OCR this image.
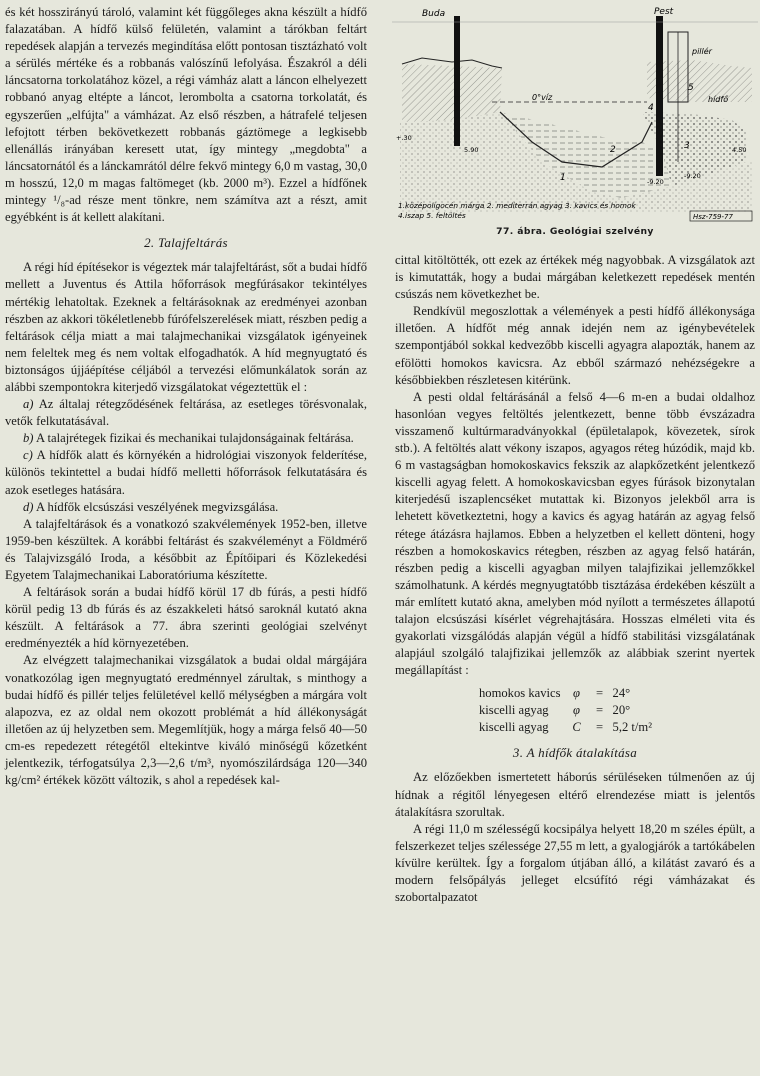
és két hosszirányú tároló, valamint két függőleges akna készült a hídfő falazatában. A hídfő külső felületén, valamint a tárókban feltárt repedések alapján a tervezés megindítása előtt pontosan tisztázható volt a sérülés mértéke és a robbanás valószínű lefolyása. Északról a déli láncsatorna torkolatához közel, a régi vámház alatt a láncon elhelyezett robbanó anyag eltépte a láncot, lerombolta a csatorna torkolatát, és egyszerűen „elfújta" a vámházat. Az első részben, a hátrafelé teljesen lefojtott térben bekövetkezett robbanás gáztömege a legkisebb ellenállás irányában keresett utat, így mintegy „megdobta" a láncsatornától és a lánckamrától délre fekvő mintegy 6,0 m vastag, 30,0 m hosszú, 12,0 m magas faltömeget (kb. 2000 m³). Ezzel a hídfőnek mintegy ¹/₈-ad része ment tönkre, nem számítva azt a részt, amit egyébként is át kellett alakítani.

2. Talajfeltárás

A régi híd építésekor is végeztek már talajfeltárást, sőt a budai hídfő mellett a Juventus és Attila hőforrások megfúrásakor tekintélyes mértékig lehatoltak. Ezeknek a feltárásoknak az eredményei azonban részben az akkori tökéletlenebb fúrófelszerelések miatt, részben pedig a feltárások célja miatt a mai talajmechanikai vizsgálatok igényeinek nem feleltek meg és nem voltak elfogadhatók. A híd megnyugtató és biztonságos újjáépítése céljából a tervezési előmunkálatok során az alábbi szempontokra kiterjedő vizsgálatokat végeztettük el :

a) Az általaj rétegződésének feltárása, az esetleges törésvonalak, vetők felkutatásával.

b) A talajrétegek fizikai és mechanikai tulajdonságainak feltárása.

c) A hídfők alatt és környékén a hidrológiai viszonyok felderítése, különös tekintettel a budai hídfő melletti hőforrások felkutatására és azok esetleges hatására.

d) A hídfők elcsúszási veszélyének megvizsgálása.

A talajfeltárások és a vonatkozó szakvélemények 1952-ben, illetve 1959-ben készültek. A korábbi feltárást és szakvéleményt a Földmérő és Talajvizsgáló Iroda, a későbbit az Építőipari és Közlekedési Egyetem Talajmechanikai Laboratóriuma készítette.

A feltárások során a budai hídfő körül 17 db fúrás, a pesti hídfő körül pedig 13 db fúrás és az északkeleti hátsó saroknál kutató akna készült. A feltárások a 77. ábra szerinti geológiai szelvényt eredményezték a híd környezetében.

Az elvégzett talajmechanikai vizsgálatok a budai oldal márgájára vonatkozólag igen megnyugtató eredménnyel zárultak, s minthogy a budai hídfő és pillér teljes felületével kellő mélységben a márgára volt alapozva, ez az oldal nem okozott problémát a híd állékonyságát illetően az új helyzetben sem. Megemlítjük, hogy a márga felső 40—50 cm-es repedezett rétegétől eltekintve kiváló minőségű kőzetként jelentkezik, térfogatsúlya 2,3—2,6 t/m³, nyomószilárdsága 120—340 kg/cm² értékek között változik, s ahol a repedések kal-

Buda	Pest
pillér
hídfő
0°víz
+.30
5.90
-9.20
-9.20
4.50
1
2	3
4
5
1.középoligocén márga 2. mediterrán agyag 3. kavics és homok
4.iszap 5. feltöltés	Hsz-759-77
77. ábra. Geológiai szelvény

cittal kitöltötték, ott ezek az értékek még nagyobbak. A vizsgálatok azt is kimutatták, hogy a budai márgában keletkezett repedések mentén csúszás nem következhet be.

Rendkívül megoszlottak a vélemények a pesti hídfő állékonysága illetően. A hídfőt még annak idején nem az igénybevételek szempontjából sokkal kedvezőbb kiscelli agyagra alapozták, hanem az efölötti homokos kavicsra. Az ebből származó nehézségekre a későbbiekben részletesen kitérünk.

A pesti oldal feltárásánál a felső 4—6 m-en a budai oldalhoz hasonlóan vegyes feltöltés jelentkezett, benne több évszázadra visszamenő kultúrmaradványokkal (épületalapok, kövezetek, sírok stb.). A feltöltés alatt vékony iszapos, agyagos réteg húzódik, majd kb. 6 m vastagságban homokoskavics fekszik az alapkőzetként jelentkező kiscelli agyag felett. A homokoskavicsban egyes fúrások bizonytalan kiterjedésű iszaplencséket mutattak ki. Bizonyos jelekből arra is lehetett következtetni, hogy a kavics és agyag határán az agyag felső rétege átázásra hajlamos. Ebben a helyzetben el kellett dönteni, hogy részben a homokoskavics rétegben, részben az agyag felső határán, részben pedig a kiscelli agyagban milyen talajfizikai jellemzőkkel számolhatunk. A kérdés megnyugtatóbb tisztázása érdekében készült a már említett kutató akna, amelyben mód nyílott a természetes állapotú talajon elcsúszási kísérlet végrehajtására. Hosszas elméleti vita és gyakorlati vizsgálódás alapján végül a hídfő stabilitási vizsgálatának alapjául szolgáló talajfizikai jellemzők az alábbiak szerint nyertek megállapítást :

homokos kavics	φ	=	24°
kiscelli agyag	φ	=	20°
kiscelli agyag	C	=	5,2 t/m²
3. A hídfők átalakítása

Az előzőekben ismertetett háborús sérüléseken túlmenően az új hídnak a régitől lényegesen eltérő elrendezése miatt is jelentős átalakításra szorultak.

A régi 11,0 m szélességű kocsipálya helyett 18,20 m széles épült, a felszerkezet teljes szélessége 27,55 m lett, a gyalogjárók a tartókábelen kívülre kerültek. Így a forgalom útjában álló, a kilátást zavaró és a modern felsőpályás jelleget elcsúfító régi vámházakat és szobortalpazatot
